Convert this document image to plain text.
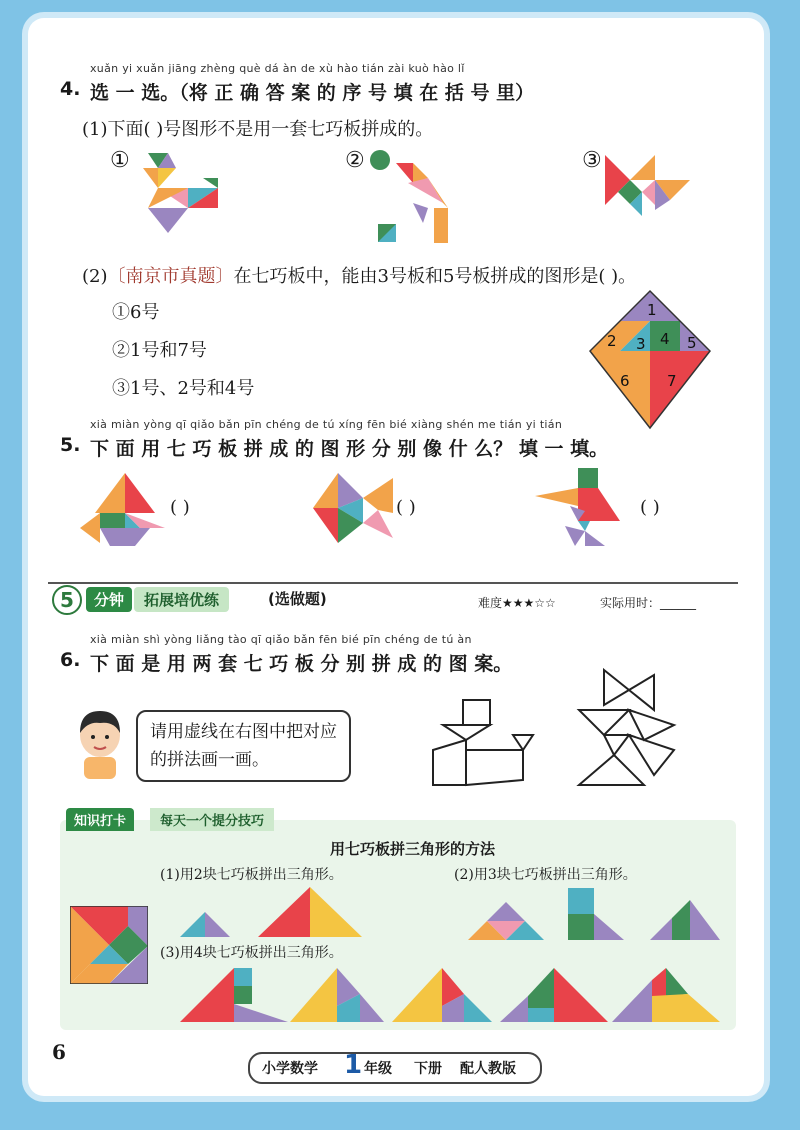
xuǎn yi xuǎn jiāng zhèng què dá àn de xù hào tián zài kuò hào lǐ
4. 选 一 选。（将 正 确 答 案 的 序 号 填 在 括 号 里）
(1)下面( )号图形不是用一套七巧板拼成的。
①	②	③
(2)〔南京市真题〕在七巧板中，能由3号板和5号板拼成的图形是( )。
①6号
②1号和7号
③1号、2号和4号
1
2 3 4 5
6 7
xià miàn yòng qī qiǎo bǎn pīn chéng de tú xíng fēn bié xiàng shén me tián yi tián
5. 下 面 用 七 巧 板 拼 成 的 图 形 分 别 像 什 么？ 填 一 填。
( )	( )	( )
5	分钟	拓展培优练	(选做题)	难度★★★☆☆	实际用时：______
xià miàn shì yòng liǎng tào qī qiǎo bǎn fēn bié pīn chéng de tú àn
6. 下 面 是 用 两 套 七 巧 板 分 别 拼 成 的 图 案。
请用虚线在右图中把对应
的拼法画一画。
知识打卡	每天一个提分技巧
用七巧板拼三角形的方法
(1)用2块七巧板拼出三角形。	(2)用3块七巧板拼出三角形。
(3)用4块七巧板拼出三角形。
6
小学数学 1 年级 下册 配人教版
